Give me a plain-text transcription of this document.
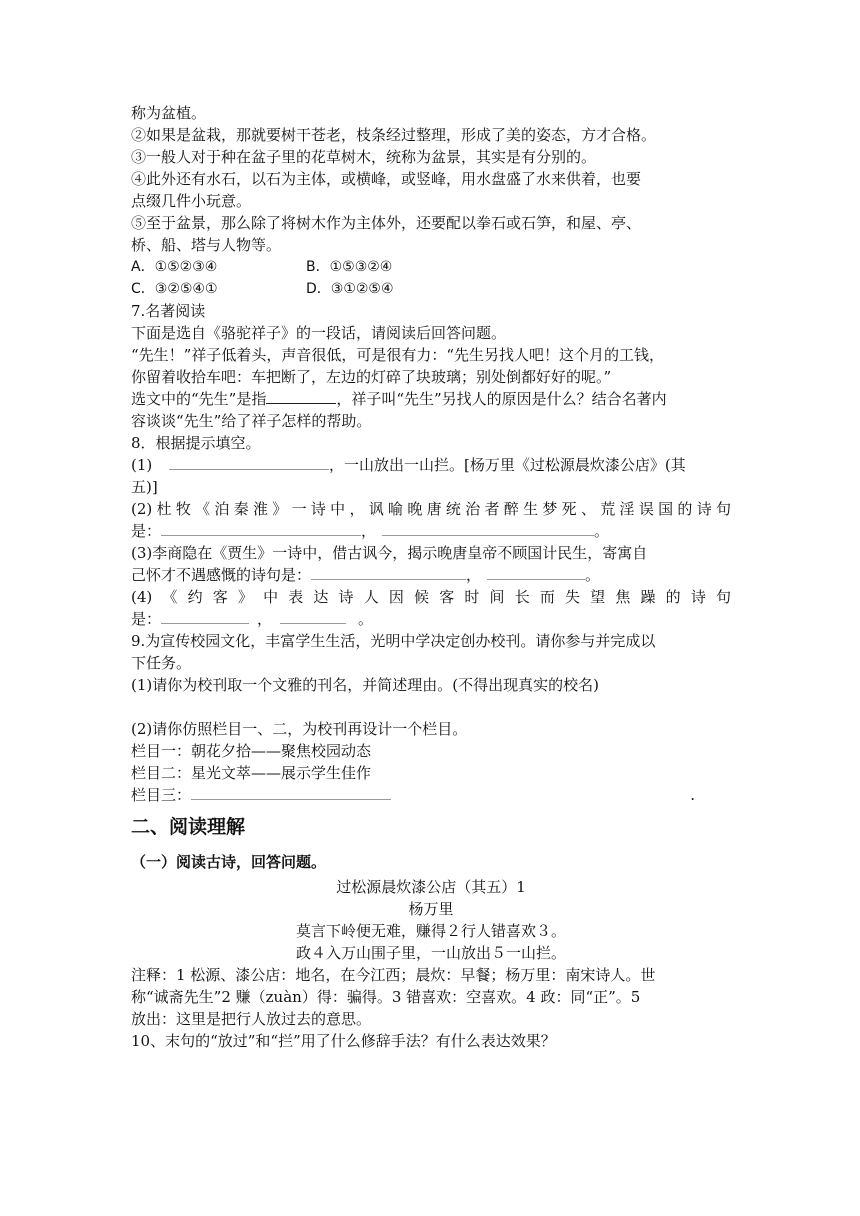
称为盆植。
②如果是盆栽，那就要树干苍老，枝条经过整理，形成了美的姿态，方才合格。
③一般人对于种在盆子里的花草树木，统称为盆景，其实是有分别的。
④此外还有水石，以石为主体，或横峰，或竖峰，用水盘盛了水来供着，也要
点缀几件小玩意。
⑤至于盆景，那么除了将树木作为主体外，还要配以拳石或石笋，和屋、亭、
桥、船、塔与人物等。
A．①⑤②③④	B．①⑤③②④
C．③②⑤④①	D．③①②⑤④
7.名著阅读
下面是选自《骆驼祥子》的一段话，请阅读后回答问题。
“先生！”祥子低着头，声音很低，可是很有力：“先生另找人吧！这个月的工钱，
你留着收拾车吧：车把断了，左边的灯碎了块玻璃；别处倒都好好的呢。”
选文中的“先生”是指	，祥子叫“先生”另找人的原因是什么？结合名著内
容谈谈“先生”给了祥子怎样的帮助。
8．根据提示填空。
(1)	，一山放出一山拦。[杨万里《过松源晨炊漆公店》(其
五)]
(2)杜牧《泊秦淮》一诗中，讽喻晚唐统治者醉生梦死、荒淫误国的诗句
是：	，	。
(3)李商隐在《贾生》一诗中，借古讽今，揭示晚唐皇帝不顾国计民生，寄寓自
己怀才不遇感慨的诗句是：	，	。
(4)《约客》中表达诗人因候客时间长而失望焦躁的诗句
是：	，	。
9.为宣传校园文化，丰富学生生活，光明中学决定创办校刊。请你参与并完成以
下任务。
(1)请你为校刊取一个文雅的刊名，并简述理由。(不得出现真实的校名)
(2)请你仿照栏目一、二，为校刊再设计一个栏目。
栏目一：朝花夕拾——聚焦校园动态
栏目二：星光文萃——展示学生佳作
栏目三：	.
二、阅读理解
（一）阅读古诗，回答问题。
过松源晨炊漆公店（其五）1
杨万里
莫言下岭便无难，赚得２行人错喜欢３。
政４入万山围子里，一山放出５一山拦。
注释：1 松源、漆公店：地名，在今江西；晨炊：早餐；杨万里：南宋诗人。世
称“诚斋先生”2 赚（zuàn）得：骗得。3 错喜欢：空喜欢。4 政：同“正”。5
放出：这里是把行人放过去的意思。
10、末句的“放过”和“拦”用了什么修辞手法？有什么表达效果？
